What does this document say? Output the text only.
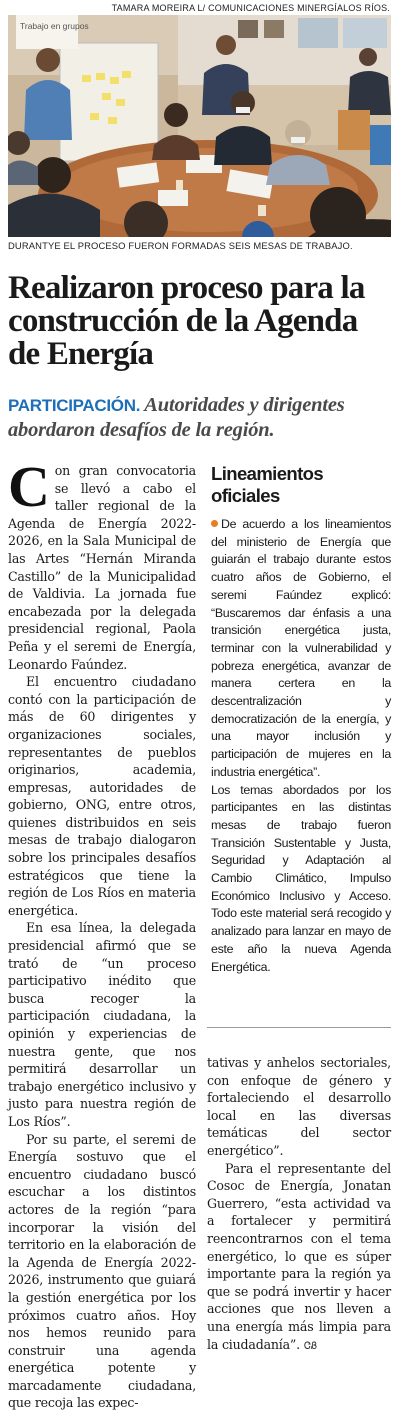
TAMARA MOREIRA L/ COMUNICACIONES MINERGÍALOS RÍOS.
Trabajo en grupos
DURANTYE EL PROCESO FUERON FORMADAS SEIS MESAS DE TRABAJO.
Realizaron proceso para la construcción de la Agenda de Energía
PARTICIPACIÓN. Autoridades y dirigentes abordaron desafíos de la región.

Con gran convocatoria se llevó a cabo el taller regional de la Agenda de Energía 2022-2026, en la Sala Municipal de las Artes “Hernán Miranda Castillo” de la Municipalidad de Valdivia. La jornada fue encabezada por la delegada presidencial regional, Paola Peña y el seremi de Energía, Leonardo Faúndez.

El encuentro ciudadano contó con la participación de más de 60 dirigentes y organizaciones sociales, representantes de pueblos originarios, academia, empresas, autoridades de gobierno, ONG, entre otros, quienes distribuidos en seis mesas de trabajo dialogaron sobre los principales desafíos estratégicos que tiene la región de Los Ríos en materia energética.

En esa línea, la delegada presidencial afirmó que se trató de “un proceso participativo inédito que busca recoger la participación ciudadana, la opinión y experiencias de nuestra gente, que nos permitirá desarrollar un trabajo energético inclusivo y justo para nuestra región de Los Ríos”.

Por su parte, el seremi de Energía sostuvo que el encuentro ciudadano buscó escuchar a los distintos actores de la región “para incorporar la visión del territorio en la elaboración de la Agenda de Energía 2022-2026, instrumento que guiará la gestión energética por los próximos cuatro años. Hoy nos hemos reunido para construir una agenda energética potente y marcadamente ciudadana, que recoja las expec-

Lineamientos oficiales

De acuerdo a los lineamientos del ministerio de Energía que guiarán el trabajo durante estos cuatro años de Gobierno, el seremi Faúndez explicó: “Buscaremos dar énfasis a una transición energética justa, terminar con la vulnerabilidad y pobreza energética, avanzar de manera certera en la descentralización y democratización de la energía, y una mayor inclusión y participación de mujeres en la industria energética”.

Los temas abordados por los participantes en las distintas mesas de trabajo fueron Transición Sustentable y Justa, Seguridad y Adaptación al Cambio Climático, Impulso Económico Inclusivo y Acceso. Todo este material será recogido y analizado para lanzar en mayo de este año la nueva Agenda Energética.

tativas y anhelos sectoriales, con enfoque de género y fortaleciendo el desarrollo local en las diversas temáticas del sector energético”.

Para el representante del Cosoc de Energía, Jonatan Guerrero, “esta actividad va a fortalecer y permitirá reencontrarnos con el tema energético, lo que es súper importante para la región ya que se podrá invertir y hacer acciones que nos lleven a una energía más limpia para la ciudadanía”. ᏣᏰ
